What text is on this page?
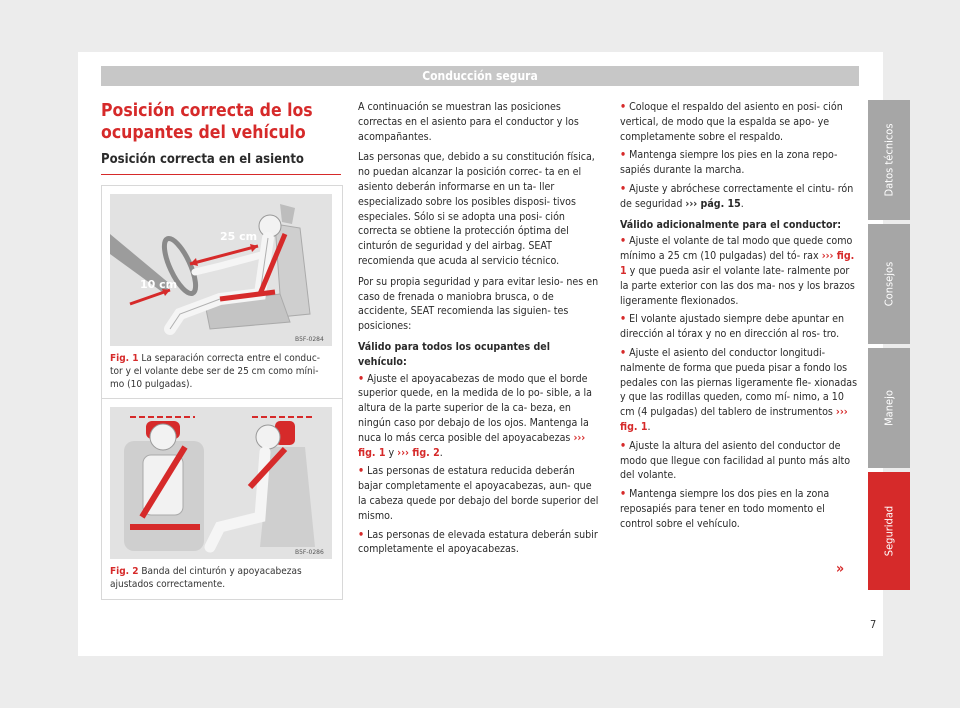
Conducción segura
Posición correcta de los
ocupantes del vehículo
Posición correcta en el asiento
25 cm
10 cm
B5F-0284
Fig. 1 La separación correcta entre el conduc- tor y el volante debe ser de 25 cm como míni- mo (10 pulgadas).
B5F-0286
Fig. 2 Banda del cinturón y apoyacabezas ajustados correctamente.

A continuación se muestran las posiciones correctas en el asiento para el conductor y los acompañantes.

Las personas que, debido a su constitución física, no puedan alcanzar la posición correc- ta en el asiento deberán informarse en un ta- ller especializado sobre los posibles disposi- tivos especiales. Sólo si se adopta una posi- ción correcta se obtiene la protección óptima del cinturón de seguridad y del airbag. SEAT recomienda que acuda al servicio técnico.

Por su propia seguridad y para evitar lesio- nes en caso de frenada o maniobra brusca, o de accidente, SEAT recomienda las siguien- tes posiciones:

Válido para todos los ocupantes del vehículo:

• Ajuste el apoyacabezas de modo que el borde superior quede, en la medida de lo po- sible, a la altura de la parte superior de la ca- beza, en ningún caso por debajo de los ojos. Mantenga la nuca lo más cerca posible del apoyacabezas ››› fig. 1 y ››› fig. 2.

• Las personas de estatura reducida deberán bajar completamente el apoyacabezas, aun- que la cabeza quede por debajo del borde superior del mismo.

• Las personas de elevada estatura deberán subir completamente el apoyacabezas.

• Coloque el respaldo del asiento en posi- ción vertical, de modo que la espalda se apo- ye completamente sobre el respaldo.

• Mantenga siempre los pies en la zona repo- sapiés durante la marcha.

• Ajuste y abróchese correctamente el cintu- rón de seguridad ››› pág. 15.

Válido adicionalmente para el conductor:

• Ajuste el volante de tal modo que quede como mínimo a 25 cm (10 pulgadas) del tó- rax ››› fig. 1 y que pueda asir el volante late- ralmente por la parte exterior con las dos ma- nos y los brazos ligeramente flexionados.

• El volante ajustado siempre debe apuntar en dirección al tórax y no en dirección al ros- tro.

• Ajuste el asiento del conductor longitudi- nalmente de forma que pueda pisar a fondo los pedales con las piernas ligeramente fle- xionadas y que las rodillas queden, como mí- nimo, a 10 cm (4 pulgadas) del tablero de instrumentos ››› fig. 1.

• Ajuste la altura del asiento del conductor de modo que llegue con facilidad al punto más alto del volante.

• Mantenga siempre los dos pies en la zona reposapiés para tener en todo momento el control sobre el vehículo.

»
Datos técnicos
Consejos
Manejo
Seguridad
7
